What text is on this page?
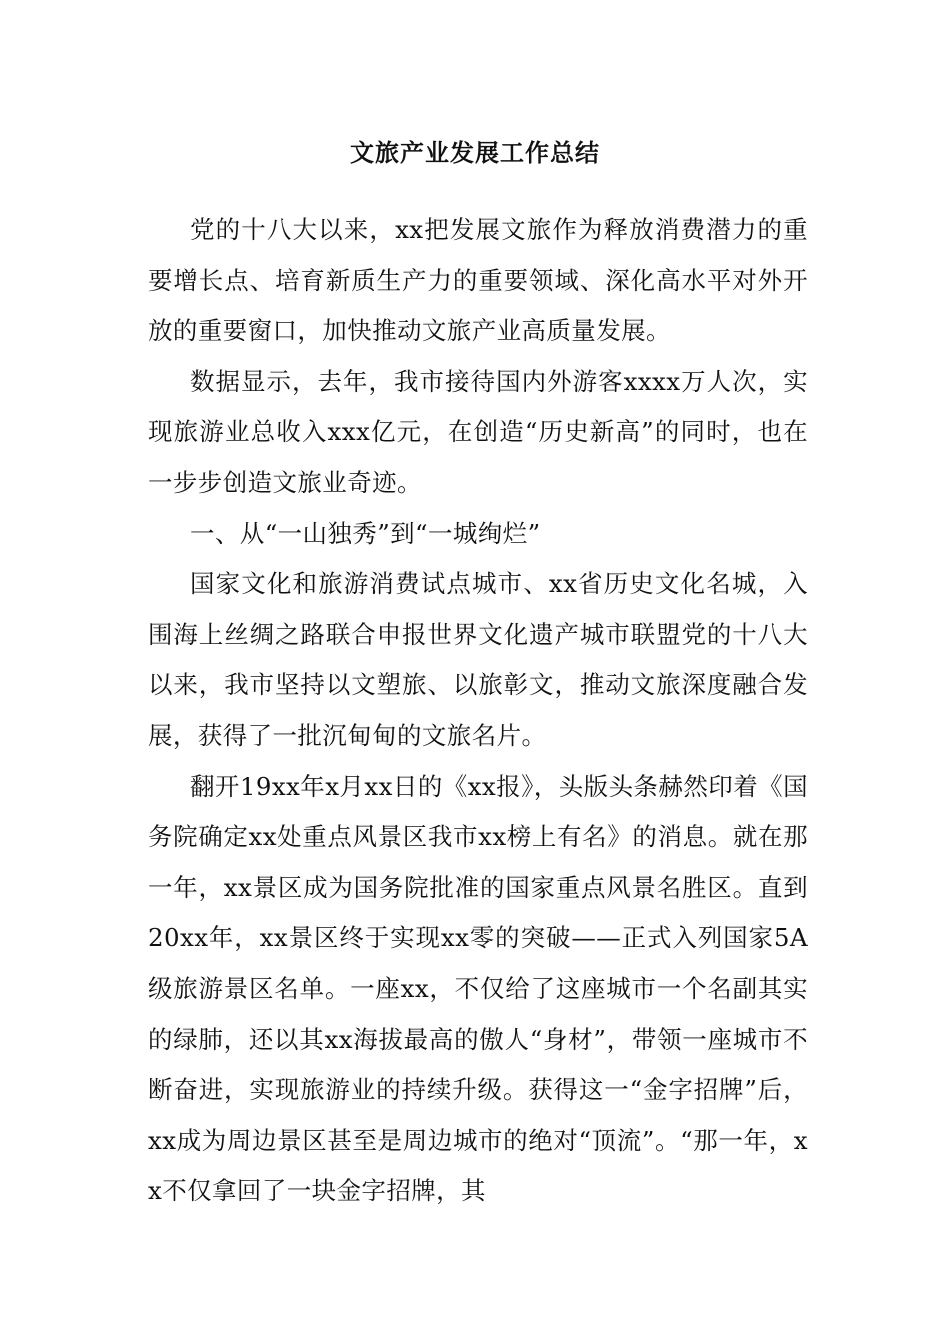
文旅产业发展工作总结

党的十八大以来，xx把发展文旅作为释放消费潜力的重要增长点、培育新质生产力的重要领域、深化高水平对外开放的重要窗口，加快推动文旅产业高质量发展。

数据显示，去年，我市接待国内外游客xxxx万人次，实现旅游业总收入xxx亿元，在创造“历史新高”的同时，也在一步步创造文旅业奇迹。

一、从“一山独秀”到“一城绚烂”

国家文化和旅游消费试点城市、xx省历史文化名城，入围海上丝绸之路联合申报世界文化遗产城市联盟党的十八大以来，我市坚持以文塑旅、以旅彰文，推动文旅深度融合发展，获得了一批沉甸甸的文旅名片。

翻开19xx年x月xx日的《xx报》，头版头条赫然印着《国务院确定xx处重点风景区我市xx榜上有名》的消息。就在那一年，xx景区成为国务院批准的国家重点风景名胜区。直到20xx年，xx景区终于实现xx零的突破——正式入列国家5A级旅游景区名单。一座xx，不仅给了这座城市一个名副其实的绿肺，还以其xx海拔最高的傲人“身材”，带领一座城市不断奋进，实现旅游业的持续升级。获得这一“金字招牌”后，xx成为周边景区甚至是周边城市的绝对“顶流”。“那一年，xx不仅拿回了一块金字招牌，其
